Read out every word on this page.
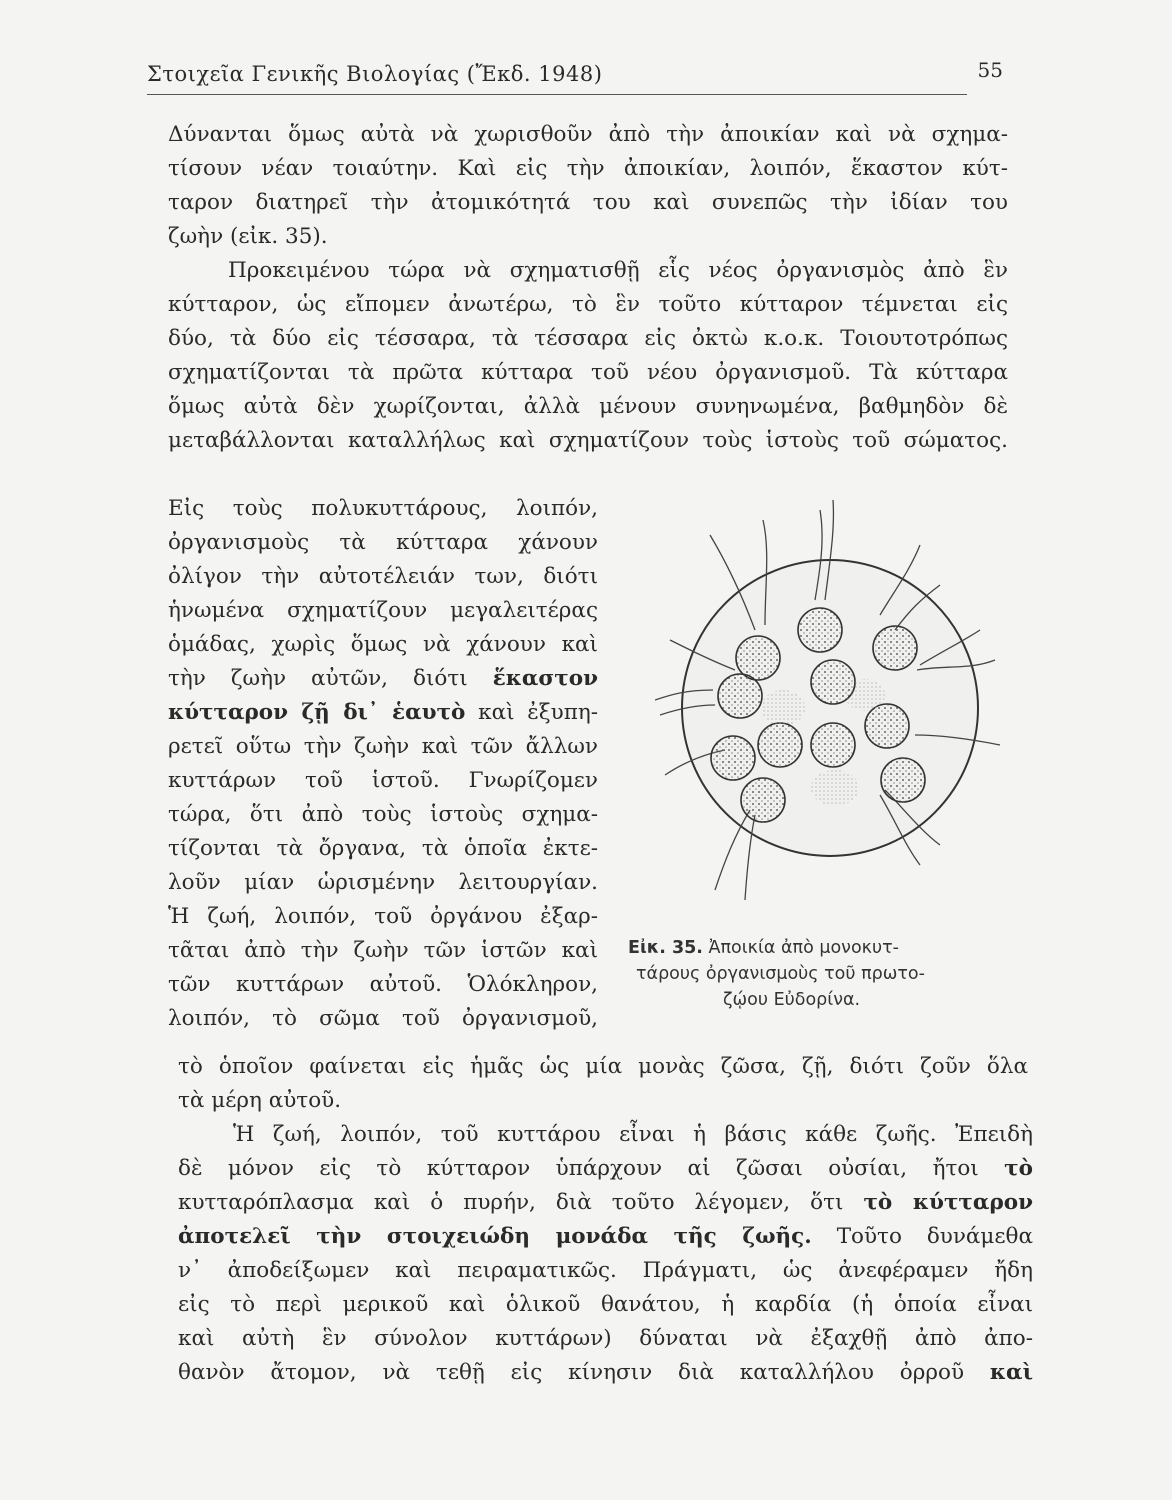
Στοιχεῖα Γενικῆς Βιολογίας (Ἔκδ. 1948)	55
Δύνανται ὅμως αὐτὰ νὰ χωρισθοῦν ἀπὸ τὴν ἀποικίαν καὶ νὰ σχημα-
τίσουν νέαν τοιαύτην. Καὶ εἰς τὴν ἀποικίαν, λοιπόν, ἕκαστον κύτ-
ταρον διατηρεῖ τὴν ἀτομικότητά του καὶ συνεπῶς τὴν ἰδίαν του
ζωὴν (εἰκ. 35).
Προκειμένου τώρα νὰ σχηματισθῇ εἷς νέος ὀργανισμὸς ἀπὸ ἓν
κύτταρον, ὡς εἴπομεν ἀνωτέρω, τὸ ἓν τοῦτο κύτταρον τέμνεται εἰς
δύο, τὰ δύο εἰς τέσσαρα, τὰ τέσσαρα εἰς ὀκτὼ κ.ο.κ. Τοιουτοτρόπως
σχηματίζονται τὰ πρῶτα κύτταρα τοῦ νέου ὀργανισμοῦ. Τὰ κύτταρα
ὅμως αὐτὰ δὲν χωρίζονται, ἀλλὰ μένουν συνηνωμένα, βαθμηδὸν δὲ
μεταβάλλονται καταλλήλως καὶ σχηματίζουν τοὺς ἱστοὺς τοῦ σώματος.
Εἰς τοὺς πολυκυττάρους, λοιπόν,
ὀργανισμοὺς τὰ κύτταρα χάνουν
ὀλίγον τὴν αὐτοτέλειάν των, διότι
ἡνωμένα σχηματίζουν μεγαλειτέρας
ὁμάδας, χωρὶς ὅμως νὰ χάνουν καὶ
τὴν ζωὴν αὐτῶν, διότι ἕκαστον
κύτταρον ζῇ δι᾽ ἑαυτὸ καὶ ἐξυπη-
ρετεῖ οὕτω τὴν ζωὴν καὶ τῶν ἄλλων
κυττάρων τοῦ ἱστοῦ. Γνωρίζομεν
τώρα, ὅτι ἀπὸ τοὺς ἱστοὺς σχημα-
τίζονται τὰ ὄργανα, τὰ ὁποῖα ἐκτε-
λοῦν μίαν ὡρισμένην λειτουργίαν.
Ἡ ζωή, λοιπόν, τοῦ ὀργάνου ἐξαρ-
τᾶται ἀπὸ τὴν ζωὴν τῶν ἱστῶν καὶ
τῶν κυττάρων αὐτοῦ. Ὁλόκληρον,
λοιπόν, τὸ σῶμα τοῦ ὀργανισμοῦ,
τὸ ὁποῖον φαίνεται εἰς ἡμᾶς ὡς μία μονὰς ζῶσα, ζῇ, διότι ζοῦν ὅλα
τὰ μέρη αὐτοῦ.
Ἡ ζωή, λοιπόν, τοῦ κυττάρου εἶναι ἡ βάσις κάθε ζωῆς. Ἐπειδὴ
δὲ μόνον εἰς τὸ κύτταρον ὑπάρχουν αἱ ζῶσαι οὐσίαι, ἤτοι τὸ
κυτταρόπλασμα καὶ ὁ πυρήν, διὰ τοῦτο λέγομεν, ὅτι τὸ κύτταρον
ἀποτελεῖ τὴν στοιχειώδη μονάδα τῆς ζωῆς. Τοῦτο δυνάμεθα
ν᾽ ἀποδείξωμεν καὶ πειραματικῶς. Πράγματι, ὡς ἀνεφέραμεν ἤδη
εἰς τὸ περὶ μερικοῦ καὶ ὁλικοῦ θανάτου, ἡ καρδία (ἡ ὁποία εἶναι
καὶ αὐτὴ ἓν σύνολον κυττάρων) δύναται νὰ ἐξαχθῇ ἀπὸ ἀπο-
θανὸν ἄτομον, νὰ τεθῇ εἰς κίνησιν διὰ καταλλήλου ὀρροῦ καὶ
Εἰκ. 35. Ἀποικία ἀπὸ μονοκυτ-
τάρους ὀργανισμοὺς τοῦ πρωτο-
ζῴου Εὐδορίνα.
